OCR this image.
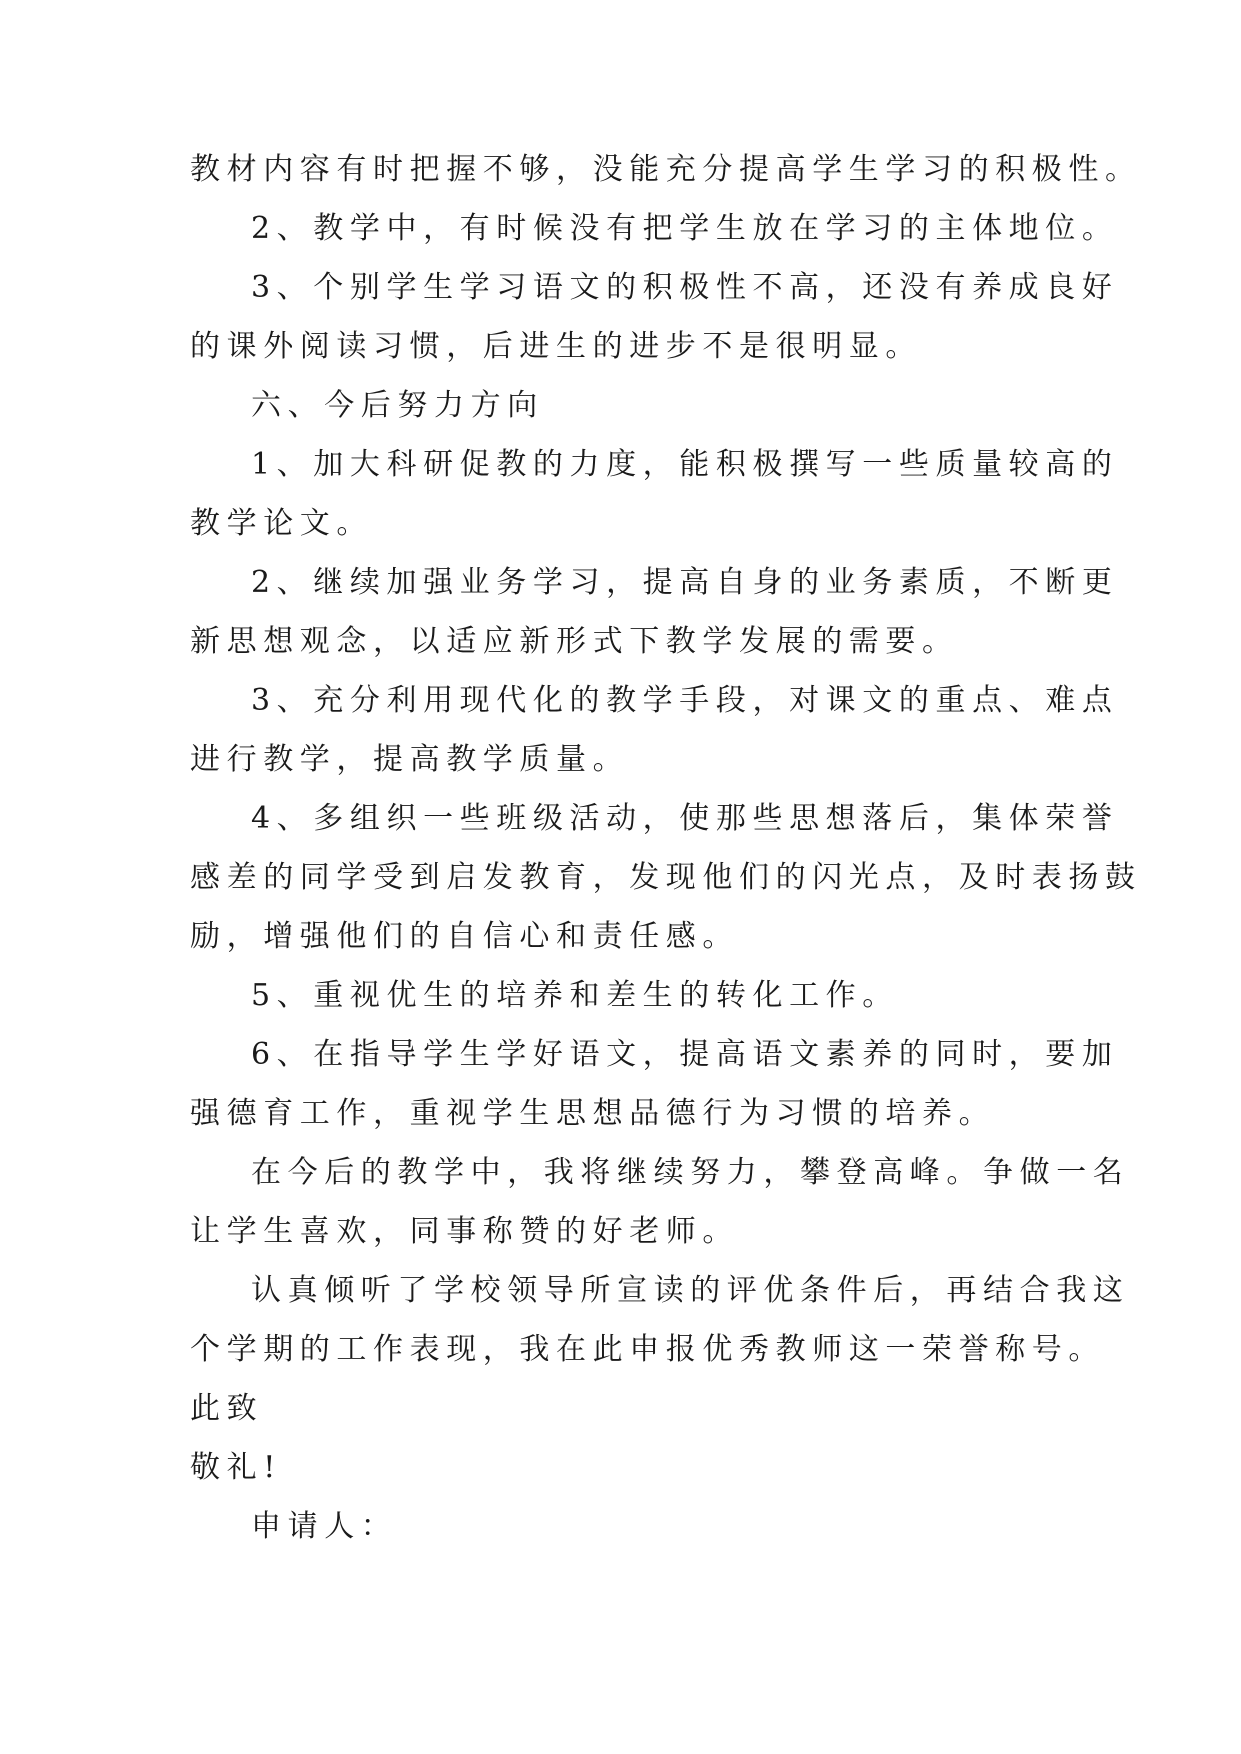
教材内容有时把握不够，没能充分提高学生学习的积极性。
2、教学中，有时候没有把学生放在学习的主体地位。
3、个别学生学习语文的积极性不高，还没有养成良好
的课外阅读习惯，后进生的进步不是很明显。
六、今后努力方向
1、加大科研促教的力度，能积极撰写一些质量较高的
教学论文。
2、继续加强业务学习，提高自身的业务素质，不断更
新思想观念，以适应新形式下教学发展的需要。
3、充分利用现代化的教学手段，对课文的重点、难点
进行教学，提高教学质量。
4、多组织一些班级活动，使那些思想落后，集体荣誉
感差的同学受到启发教育，发现他们的闪光点，及时表扬鼓
励，增强他们的自信心和责任感。
5、重视优生的培养和差生的转化工作。
6、在指导学生学好语文，提高语文素养的同时，要加
强德育工作，重视学生思想品德行为习惯的培养。
在今后的教学中，我将继续努力，攀登高峰。争做一名
让学生喜欢，同事称赞的好老师。
认真倾听了学校领导所宣读的评优条件后，再结合我这
个学期的工作表现，我在此申报优秀教师这一荣誉称号。
此致
敬礼!
申请人：
